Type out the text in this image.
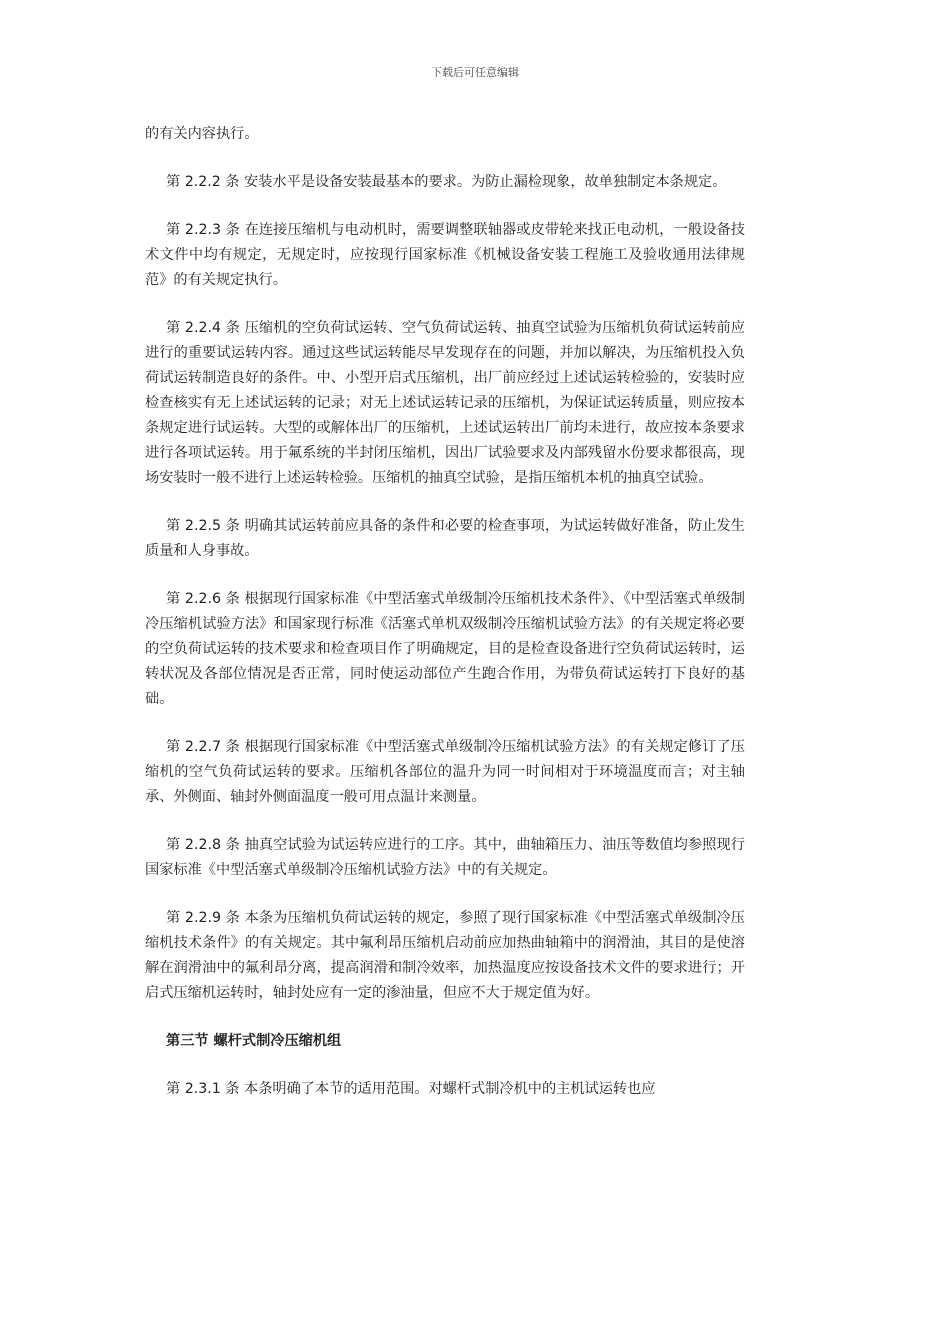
下载后可任意编辑

的有关内容执行。

第 2.2.2 条 安装水平是设备安装最基本的要求。为防止漏检现象，故单独制定本条规定。

第 2.2.3 条 在连接压缩机与电动机时，需要调整联轴器或皮带轮来找正电动机，一般设备技术文件中均有规定，无规定时，应按现行国家标准《机械设备安装工程施工及验收通用法律规范》的有关规定执行。

第 2.2.4 条 压缩机的空负荷试运转、空气负荷试运转、抽真空试验为压缩机负荷试运转前应进行的重要试运转内容。通过这些试运转能尽早发现存在的问题，并加以解决，为压缩机投入负荷试运转制造良好的条件。中、小型开启式压缩机，出厂前应经过上述试运转检验的，安装时应检查核实有无上述试运转的记录；对无上述试运转记录的压缩机，为保证试运转质量，则应按本条规定进行试运转。大型的或解体出厂的压缩机，上述试运转出厂前均未进行，故应按本条要求进行各项试运转。用于氟系统的半封闭压缩机，因出厂试验要求及内部残留水份要求都很高，现场安装时一般不进行上述运转检验。压缩机的抽真空试验，是指压缩机本机的抽真空试验。

第 2.2.5 条 明确其试运转前应具备的条件和必要的检查事项，为试运转做好准备，防止发生质量和人身事故。

第 2.2.6 条 根据现行国家标准《中型活塞式单级制冷压缩机技术条件》、《中型活塞式单级制冷压缩机试验方法》和国家现行标准《活塞式单机双级制冷压缩机试验方法》的有关规定将必要的空负荷试运转的技术要求和检查项目作了明确规定，目的是检查设备进行空负荷试运转时，运转状况及各部位情况是否正常，同时使运动部位产生跑合作用，为带负荷试运转打下良好的基础。

第 2.2.7 条 根据现行国家标准《中型活塞式单级制冷压缩机试验方法》的有关规定修订了压缩机的空气负荷试运转的要求。压缩机各部位的温升为同一时间相对于环境温度而言；对主轴承、外侧面、轴封外侧面温度一般可用点温计来测量。

第 2.2.8 条 抽真空试验为试运转应进行的工序。其中，曲轴箱压力、油压等数值均参照现行国家标准《中型活塞式单级制冷压缩机试验方法》中的有关规定。

第 2.2.9 条 本条为压缩机负荷试运转的规定，参照了现行国家标准《中型活塞式单级制冷压缩机技术条件》的有关规定。其中氟利昂压缩机启动前应加热曲轴箱中的润滑油，其目的是使溶解在润滑油中的氟利昂分离，提高润滑和制冷效率，加热温度应按设备技术文件的要求进行；开启式压缩机运转时，轴封处应有一定的渗油量，但应不大于规定值为好。

第三节 螺杆式制冷压缩机组

第 2.3.1 条 本条明确了本节的适用范围。对螺杆式制冷机中的主机试运转也应
